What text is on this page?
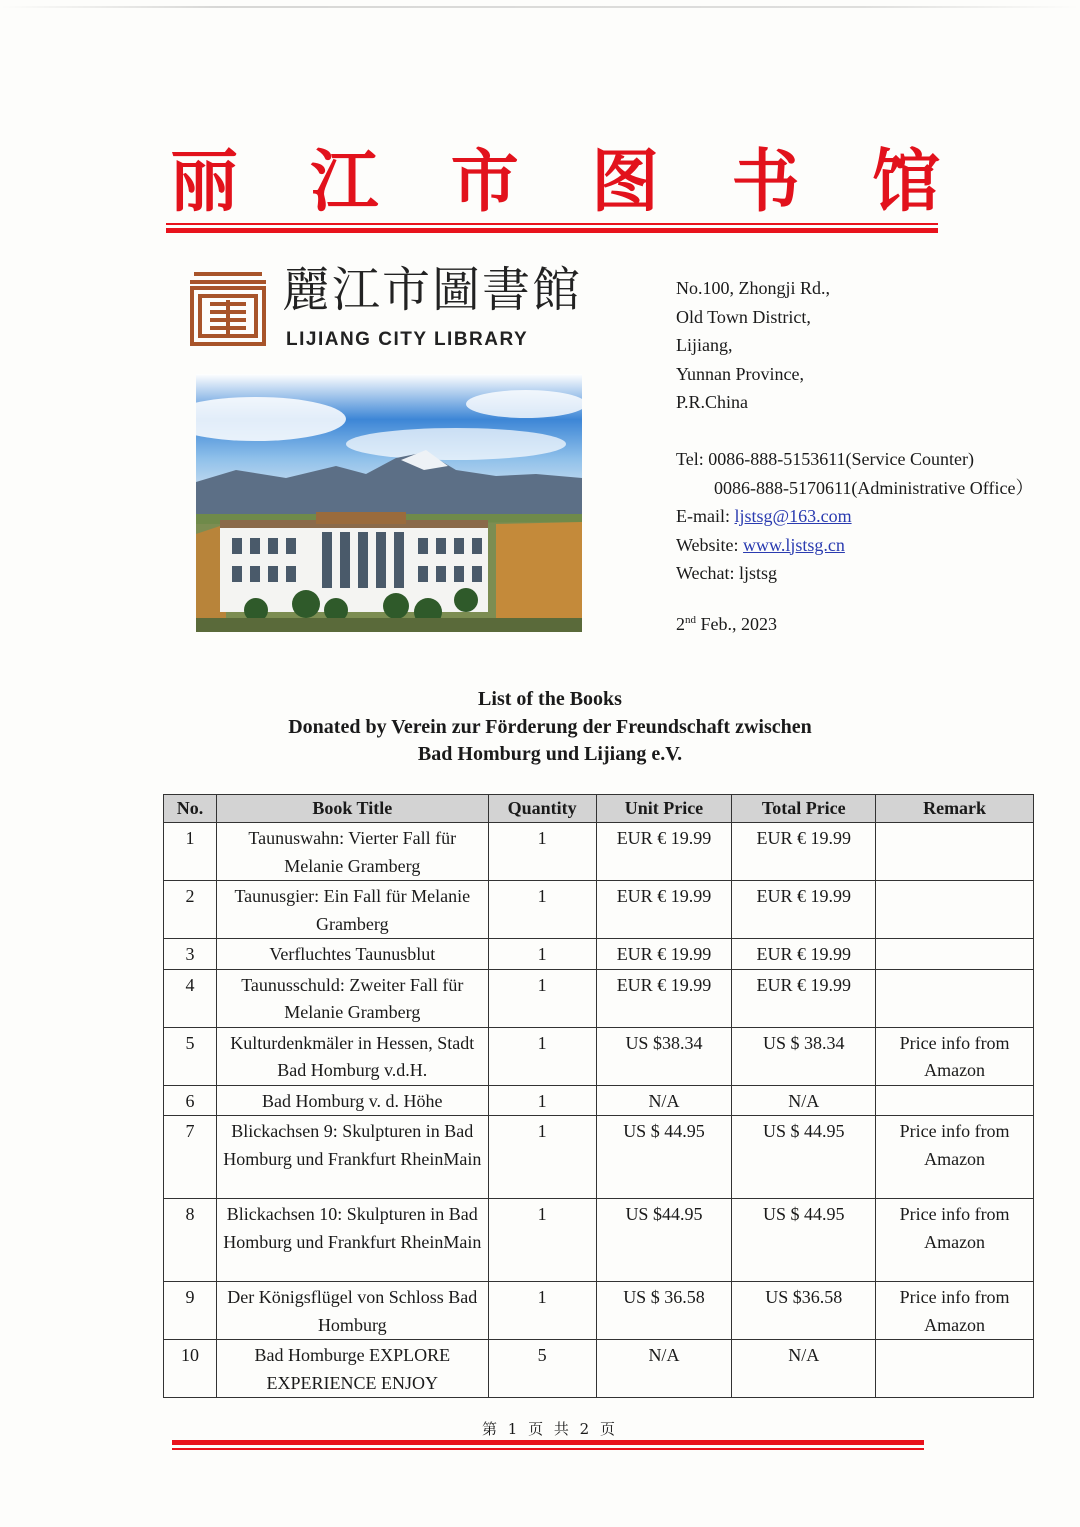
丽 江 市 图 书 馆
麗江市圖書館
LIJIANG CITY LIBRARY
No.100, Zhongji Rd.,
Old Town District,
Lijiang,
Yunnan Province,
P.R.China
Tel: 0086-888-5153611(Service Counter)
0086-888-5170611(Administrative Office）
E-mail: ljstsg@163.com
Website: www.ljstsg.cn
Wechat: ljstsg
2nd Feb., 2023
List of the Books
Donated by Verein zur Förderung der Freundschaft zwischen
Bad Homburg und Lijiang e.V.
No.	Book Title	Quantity	Unit Price	Total Price	Remark
1	Taunuswahn: Vierter Fall für Melanie Gramberg	1	EUR € 19.99	EUR € 19.99	
2	Taunusgier: Ein Fall für Melanie Gramberg	1	EUR € 19.99	EUR € 19.99	
3	Verfluchtes Taunusblut	1	EUR € 19.99	EUR € 19.99	
4	Taunusschuld: Zweiter Fall für Melanie Gramberg	1	EUR € 19.99	EUR € 19.99	
5	Kulturdenkmäler in Hessen, Stadt Bad Homburg v.d.H.	1	US $38.34	US $ 38.34	Price info from Amazon
6	Bad Homburg v. d. Höhe	1	N/A	N/A	
7	Blickachsen 9: Skulpturen in Bad Homburg und Frankfurt RheinMain	1	US $ 44.95	US $ 44.95	Price info from Amazon
8	Blickachsen 10: Skulpturen in Bad Homburg und Frankfurt RheinMain	1	US $44.95	US $ 44.95	Price info from Amazon
9	Der Königsflügel von Schloss Bad Homburg	1	US $ 36.58	US $36.58	Price info from Amazon
10	Bad Homburge EXPLORE EXPERIENCE ENJOY	5	N/A	N/A	
第 1 页 共 2 页
